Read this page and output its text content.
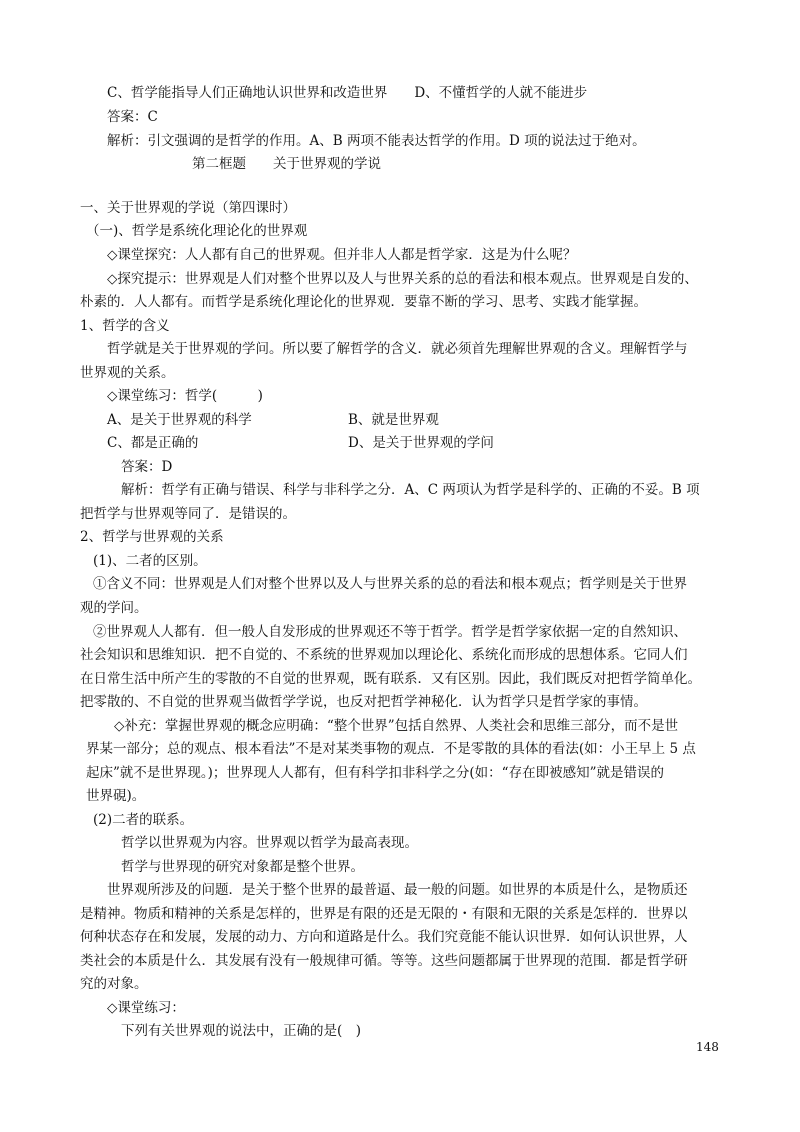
C、哲学能指导人们正确地认识世界和改造世界　　D、不懂哲学的人就不能进步
答案：C
解析：引文强调的是哲学的作用。A、B 两项不能表达哲学的作用。D 项的说法过于绝对。
第二框题　　关于世界观的学说
一、关于世界观的学说（第四课时）
（一)、哲学是系统化理论化的世界观
◇课堂探究：人人都有自己的世界观。但并非人人都是哲学家．这是为什么呢？
◇探究提示：世界观是人们对整个世界以及人与世界关系的总的看法和根本观点。世界观是自发的、
朴素的．人人都有。而哲学是系统化理论化的世界观．要靠不断的学习、思考、实践才能掌握。
1、哲学的含义
哲学就是关于世界观的学问。所以要了解哲学的含义．就必须首先理解世界观的含义。理解哲学与
世界观的关系。
◇课堂练习：哲学(　　　)
A、是关于世界观的科学	B、就是世界观
C、都是正确的	D、是关于世界观的学问
答案：D
解析：哲学有正确与错误、科学与非科学之分．A、C 两项认为哲学是科学的、正确的不妥。B 项
把哲学与世界观等同了．是错误的。
2、哲学与世界观的关系
(1)、二者的区别。
①含义不同：世界观是人们对整个世界以及人与世界关系的总的看法和根本观点；哲学则是关于世界
观的学问。
②世界观人人都有．但一般人自发形成的世界观还不等于哲学。哲学是哲学家依据一定的自然知识、
社会知识和思维知识．把不自觉的、不系统的世界观加以理论化、系统化而形成的思想体系。它同人们
在日常生活中所产生的零散的不自觉的世界观，既有联系．又有区别。因此，我们既反对把哲学简单化。
把零散的、不自觉的世界观当做哲学学说，也反对把哲学神秘化．认为哲学只是哲学家的事情。
◇补充：掌握世界观的概念应明确：“整个世界”包括自然界、人类社会和思维三部分，而不是世
界某一部分；总的观点、根本看法”不是对某类事物的观点．不是零散的具体的看法(如：小王早上 5 点
起床”就不是世界现。)；世界现人人都有，但有科学扣非科学之分(如：“存在即被感知”就是错误的
世界硯)。
(2)二者的联系。
哲学以世界观为内容。世界观以哲学为最高表现。
哲学与世界现的研究对象都是整个世界。
世界观所涉及的问题．是关于整个世界的最普逼、最一般的问题。如世界的本质是什么，是物质还
是精神。物质和精神的关系是怎样的，世界是有限的还是无限的・有限和无限的关系是怎样的．世界以
何种状态存在和发展，发展的动力、方向和道路是什么。我们究竟能不能认识世界．如何认识世界，人
类社会的本质是什么．其发展有没有一般规律可循。等等。这些问题都属于世界现的范围．都是哲学研
究的对象。
◇课堂练习：
下列有关世界观的说法中，正确的是(　)
148
